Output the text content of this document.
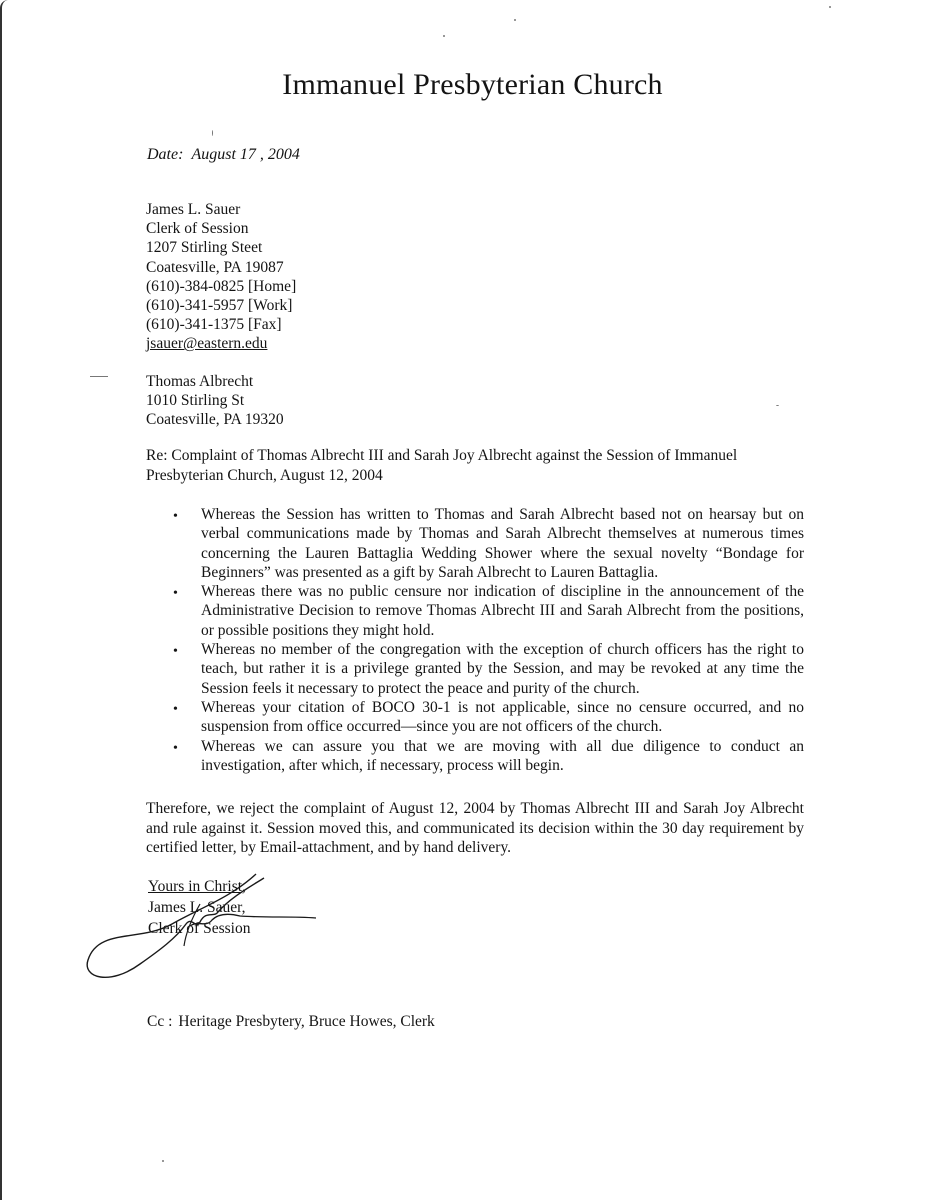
Immanuel Presbyterian Church
Date: August 17 , 2004
James L. Sauer
Clerk of Session
1207 Stirling Steet
Coatesville, PA 19087
(610)-384-0825 [Home]
(610)-341-5957 [Work]
(610)-341-1375 [Fax]
jsauer@eastern.edu
Thomas Albrecht
1010 Stirling St
Coatesville, PA 19320
Re: Complaint of Thomas Albrecht III and Sarah Joy Albrecht against the Session of Immanuel Presbyterian Church, August 12, 2004
• Whereas the Session has written to Thomas and Sarah Albrecht based not on hearsay but on verbal communications made by Thomas and Sarah Albrecht themselves at numerous times concerning the Lauren Battaglia Wedding Shower where the sexual novelty “Bondage for Beginners” was presented as a gift by Sarah Albrecht to Lauren Battaglia.
• Whereas there was no public censure nor indication of discipline in the announcement of the Administrative Decision to remove Thomas Albrecht III and Sarah Albrecht from the positions, or possible positions they might hold.
• Whereas no member of the congregation with the exception of church officers has the right to teach, but rather it is a privilege granted by the Session, and may be revoked at any time the Session feels it necessary to protect the peace and purity of the church.
• Whereas your citation of BOCO 30-1 is not applicable, since no censure occurred, and no suspension from office occurred—since you are not officers of the church.
• Whereas we can assure you that we are moving with all due diligence to conduct an investigation, after which, if necessary, process will begin.
Therefore, we reject the complaint of August 12, 2004 by Thomas Albrecht III and Sarah Joy Albrecht and rule against it. Session moved this, and communicated its decision within the 30 day requirement by certified letter, by Email-attachment, and by hand delivery.
Yours in Christ,
James L. Sauer,
Clerk of Session
Cc : Heritage Presbytery, Bruce Howes, Clerk
